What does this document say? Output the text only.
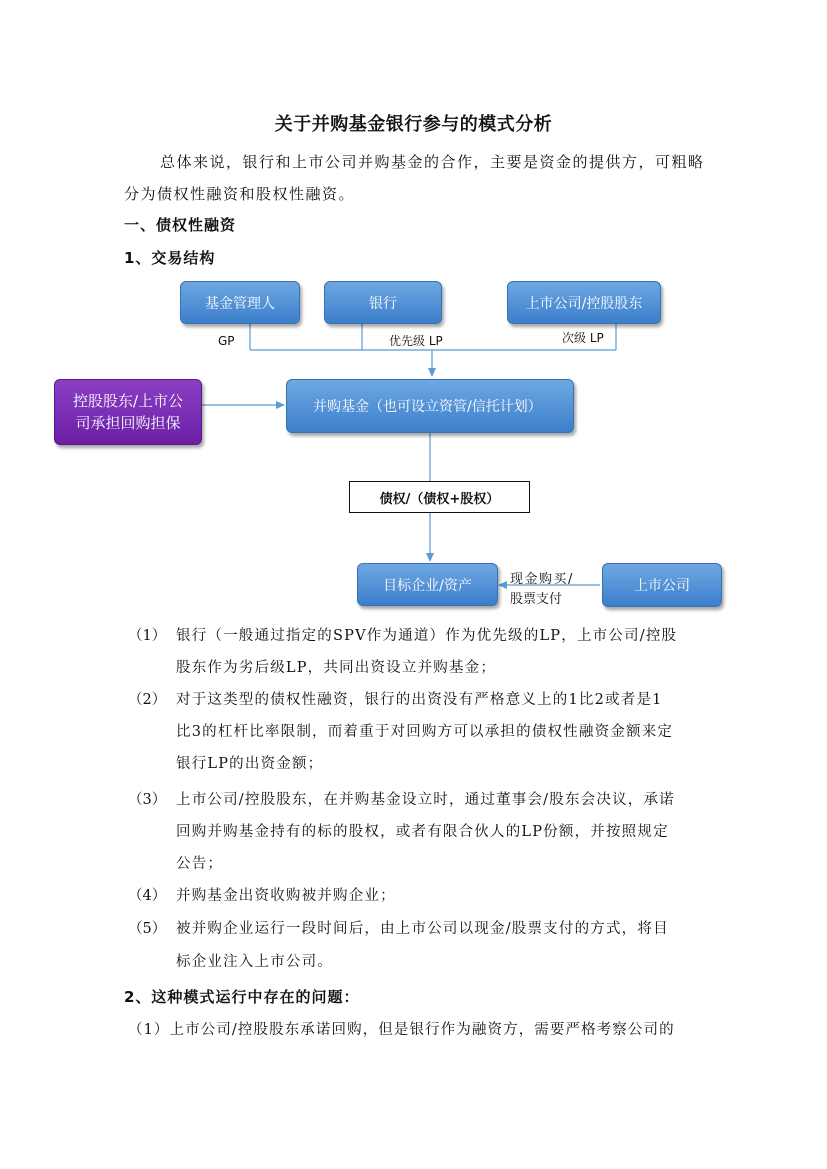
关于并购基金银行参与的模式分析
总体来说，银行和上市公司并购基金的合作，主要是资金的提供方，可粗略
分为债权性融资和股权性融资。
一、债权性融资
1、交易结构
基金管理人	银行	上市公司/控股股东
GP	优先级 LP	次级 LP
控股股东/上市公
司承担回购担保
并购基金（也可设立资管/信托计划）
债权/（债权+股权）
目标企业/资产	上市公司
现金购买/
股票支付
（1） 银行（一般通过指定的SPV作为通道）作为优先级的LP，上市公司/控股
股东作为劣后级LP，共同出资设立并购基金；
（2） 对于这类型的债权性融资，银行的出资没有严格意义上的1比2或者是1
比3的杠杆比率限制，而着重于对回购方可以承担的债权性融资金额来定
银行LP的出资金额；
（3） 上市公司/控股股东，在并购基金设立时，通过董事会/股东会决议，承诺
回购并购基金持有的标的股权，或者有限合伙人的LP份额，并按照规定
公告；
（4） 并购基金出资收购被并购企业；
（5） 被并购企业运行一段时间后，由上市公司以现金/股票支付的方式，将目
标企业注入上市公司。
2、这种模式运行中存在的问题：
（1）上市公司/控股股东承诺回购，但是银行作为融资方，需要严格考察公司的
